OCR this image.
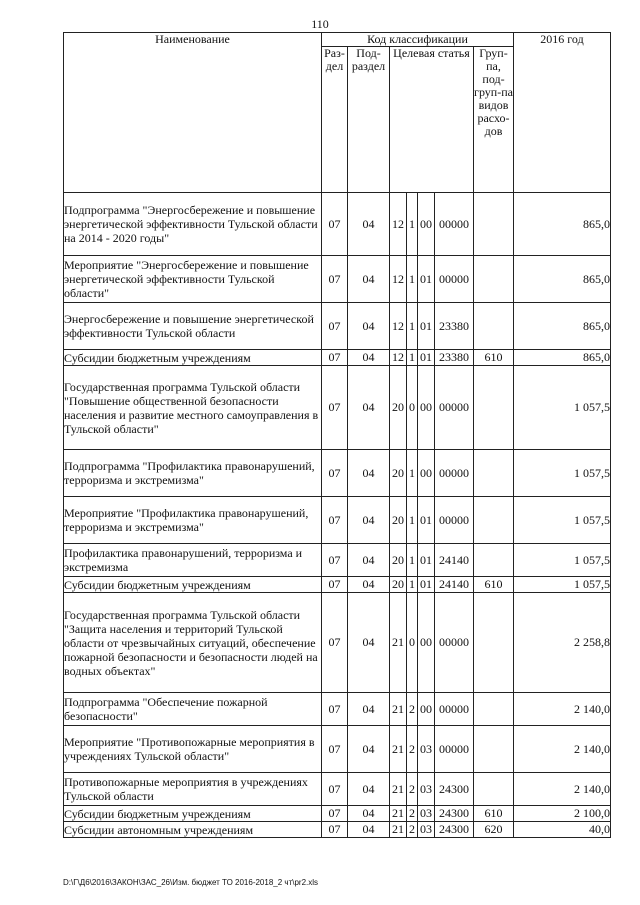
110
Наименование	Код классификации							2016 год
	Раз-дел	Под-раздел	Целевая статья				Груп-па, под-груп-па видов расхо-дов	
Подпрограмма "Энергосбережение и повышение энергетической эффективности Тульской области на 2014 - 2020 годы"	07	04	12	1	00	00000		865,0
Мероприятие "Энергосбережение и повышение энергетической эффективности Тульской области"	07	04	12	1	01	00000		865,0
Энергосбережение и повышение энергетической эффективности Тульской области	07	04	12	1	01	23380		865,0
Субсидии бюджетным учреждениям	07	04	12	1	01	23380	610	865,0
Государственная программа Тульской области "Повышение общественной безопасности населения и развитие местного самоуправления в Тульской области"	07	04	20	0	00	00000		1 057,5
Подпрограмма "Профилактика правонарушений, терроризма и экстремизма"	07	04	20	1	00	00000		1 057,5
Мероприятие "Профилактика правонарушений, терроризма и экстремизма"	07	04	20	1	01	00000		1 057,5
Профилактика правонарушений, терроризма и экстремизма	07	04	20	1	01	24140		1 057,5
Субсидии бюджетным учреждениям	07	04	20	1	01	24140	610	1 057,5
Государственная программа Тульской области "Защита населения и территорий Тульской области от чрезвычайных ситуаций, обеспечение пожарной безопасности и безопасности людей на водных объектах"	07	04	21	0	00	00000		2 258,8
Подпрограмма "Обеспечение пожарной безопасности"	07	04	21	2	00	00000		2 140,0
Мероприятие "Противопожарные мероприятия в учреждениях Тульской области"	07	04	21	2	03	00000		2 140,0
Противопожарные мероприятия в учреждениях Тульской области	07	04	21	2	03	24300		2 140,0
Субсидии бюджетным учреждениям	07	04	21	2	03	24300	610	2 100,0
Субсидии автономным учреждениям	07	04	21	2	03	24300	620	40,0
D:\Г\Д6\2016\ЗАКОН\ЗАС_26\Изм. бюджет ТО 2016-2018_2 чт\pr2.xls
